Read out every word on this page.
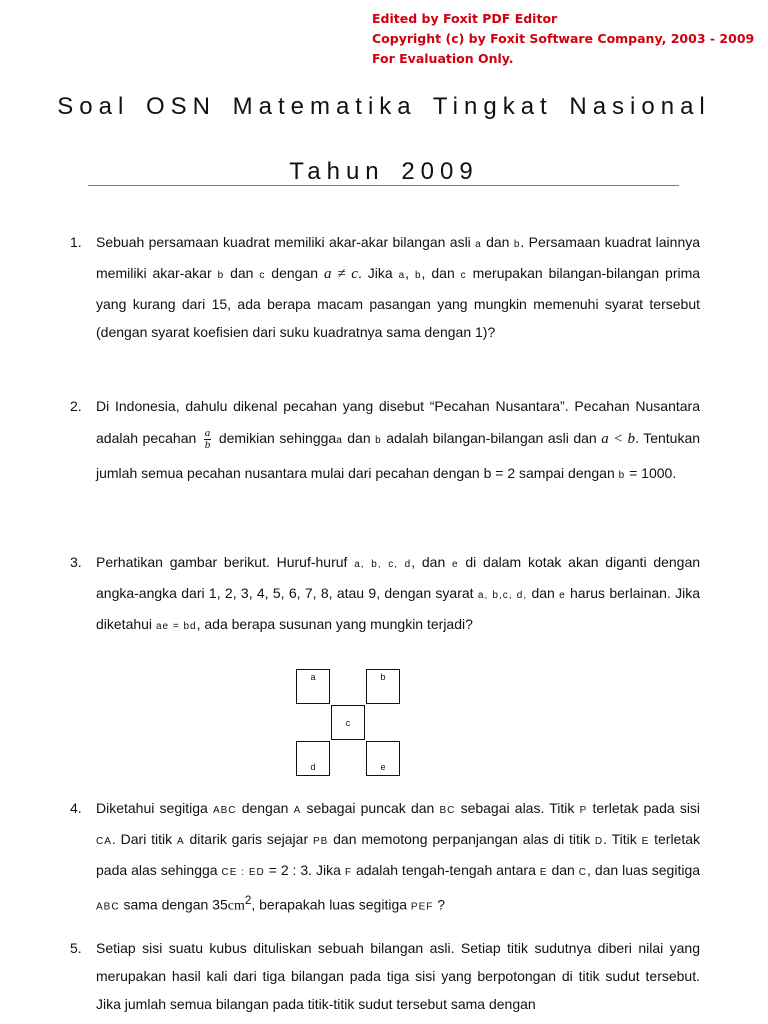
Edited by Foxit PDF Editor
Copyright (c) by Foxit Software Company, 2003 - 2009
For Evaluation Only.
Soal OSN Matematika Tingkat Nasional
Tahun 2009
1. Sebuah persamaan kuadrat memiliki akar-akar bilangan asli a dan b. Persamaan kuadrat lainnya memiliki akar-akar b dan c dengan a ≠ c. Jika a, b, dan c merupakan bilangan-bilangan prima yang kurang dari 15, ada berapa macam pasangan yang mungkin memenuhi syarat tersebut (dengan syarat koefisien dari suku kuadratnya sama dengan 1)?
2. Di Indonesia, dahulu dikenal pecahan yang disebut “Pecahan Nusantara”. Pecahan Nusantara adalah pecahan $\frac{a}{b}$ demikian sehinggaa dan b adalah bilangan-bilangan asli dan a < b. Tentukan jumlah semua pecahan nusantara mulai dari pecahan dengan b = 2 sampai dengan b = 1000.
3. Perhatikan gambar berikut. Huruf-huruf a, b, c, d, dan e di dalam kotak akan diganti dengan angka-angka dari 1, 2, 3, 4, 5, 6, 7, 8, atau 9, dengan syarat a, b,c, d, dan e harus berlainan. Jika diketahui ae = bd, ada berapa susunan yang mungkin terjadi?
a	b
c
d	e
4. Diketahui segitiga ABC dengan A sebagai puncak dan BC sebagai alas. Titik P terletak pada sisi CA. Dari titik A ditarik garis sejajar PB dan memotong perpanjangan alas di titik D. Titik E terletak pada alas sehingga CE : ED = 2 : 3. Jika F adalah tengah-tengah antara E dan C, dan luas segitiga ABC sama dengan $35cm^2$, berapakah luas segitiga PEF ?
5. Setiap sisi suatu kubus dituliskan sebuah bilangan asli. Setiap titik sudutnya diberi nilai yang merupakan hasil kali dari tiga bilangan pada tiga sisi yang berpotongan di titik sudut tersebut. Jika jumlah semua bilangan pada titik-titik sudut tersebut sama dengan
